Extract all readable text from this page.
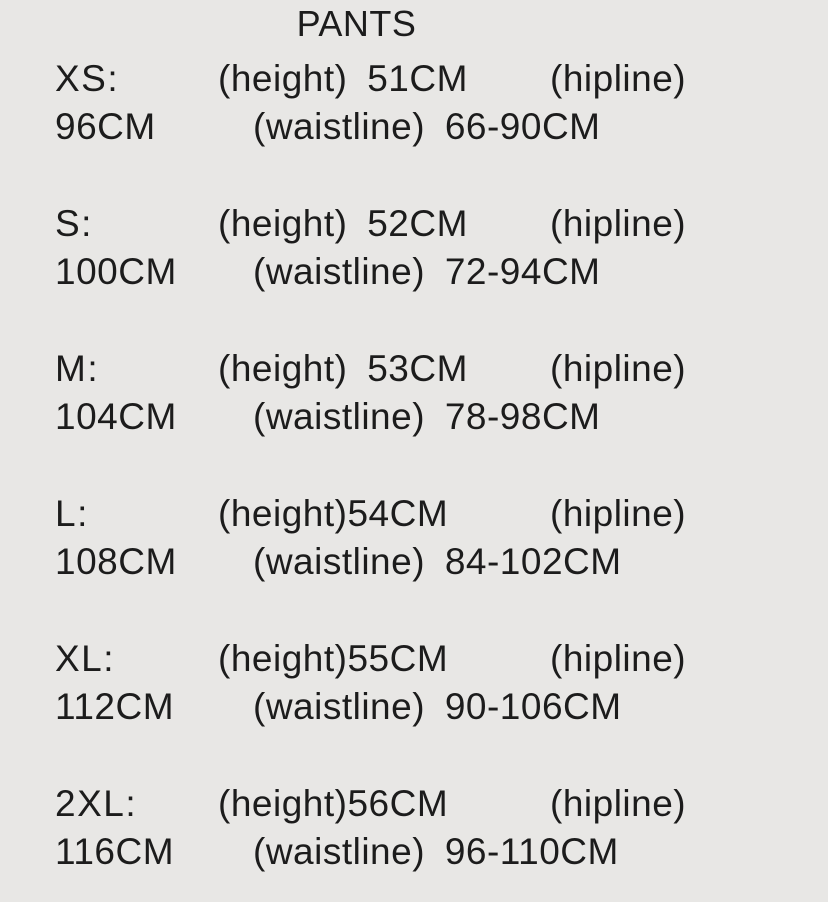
PANTS
XS:	(height) 51CM	(hipline)
96CM	(waistline) 66-90CM
S:	(height) 52CM	(hipline)
100CM	(waistline) 72-94CM
M:	(height) 53CM	(hipline)
104CM	(waistline) 78-98CM
L:	(height)54CM	(hipline)
108CM	(waistline) 84-102CM
XL:	(height)55CM	(hipline)
112CM	(waistline) 90-106CM
2XL:	(height)56CM	(hipline)
116CM	(waistline) 96-110CM
